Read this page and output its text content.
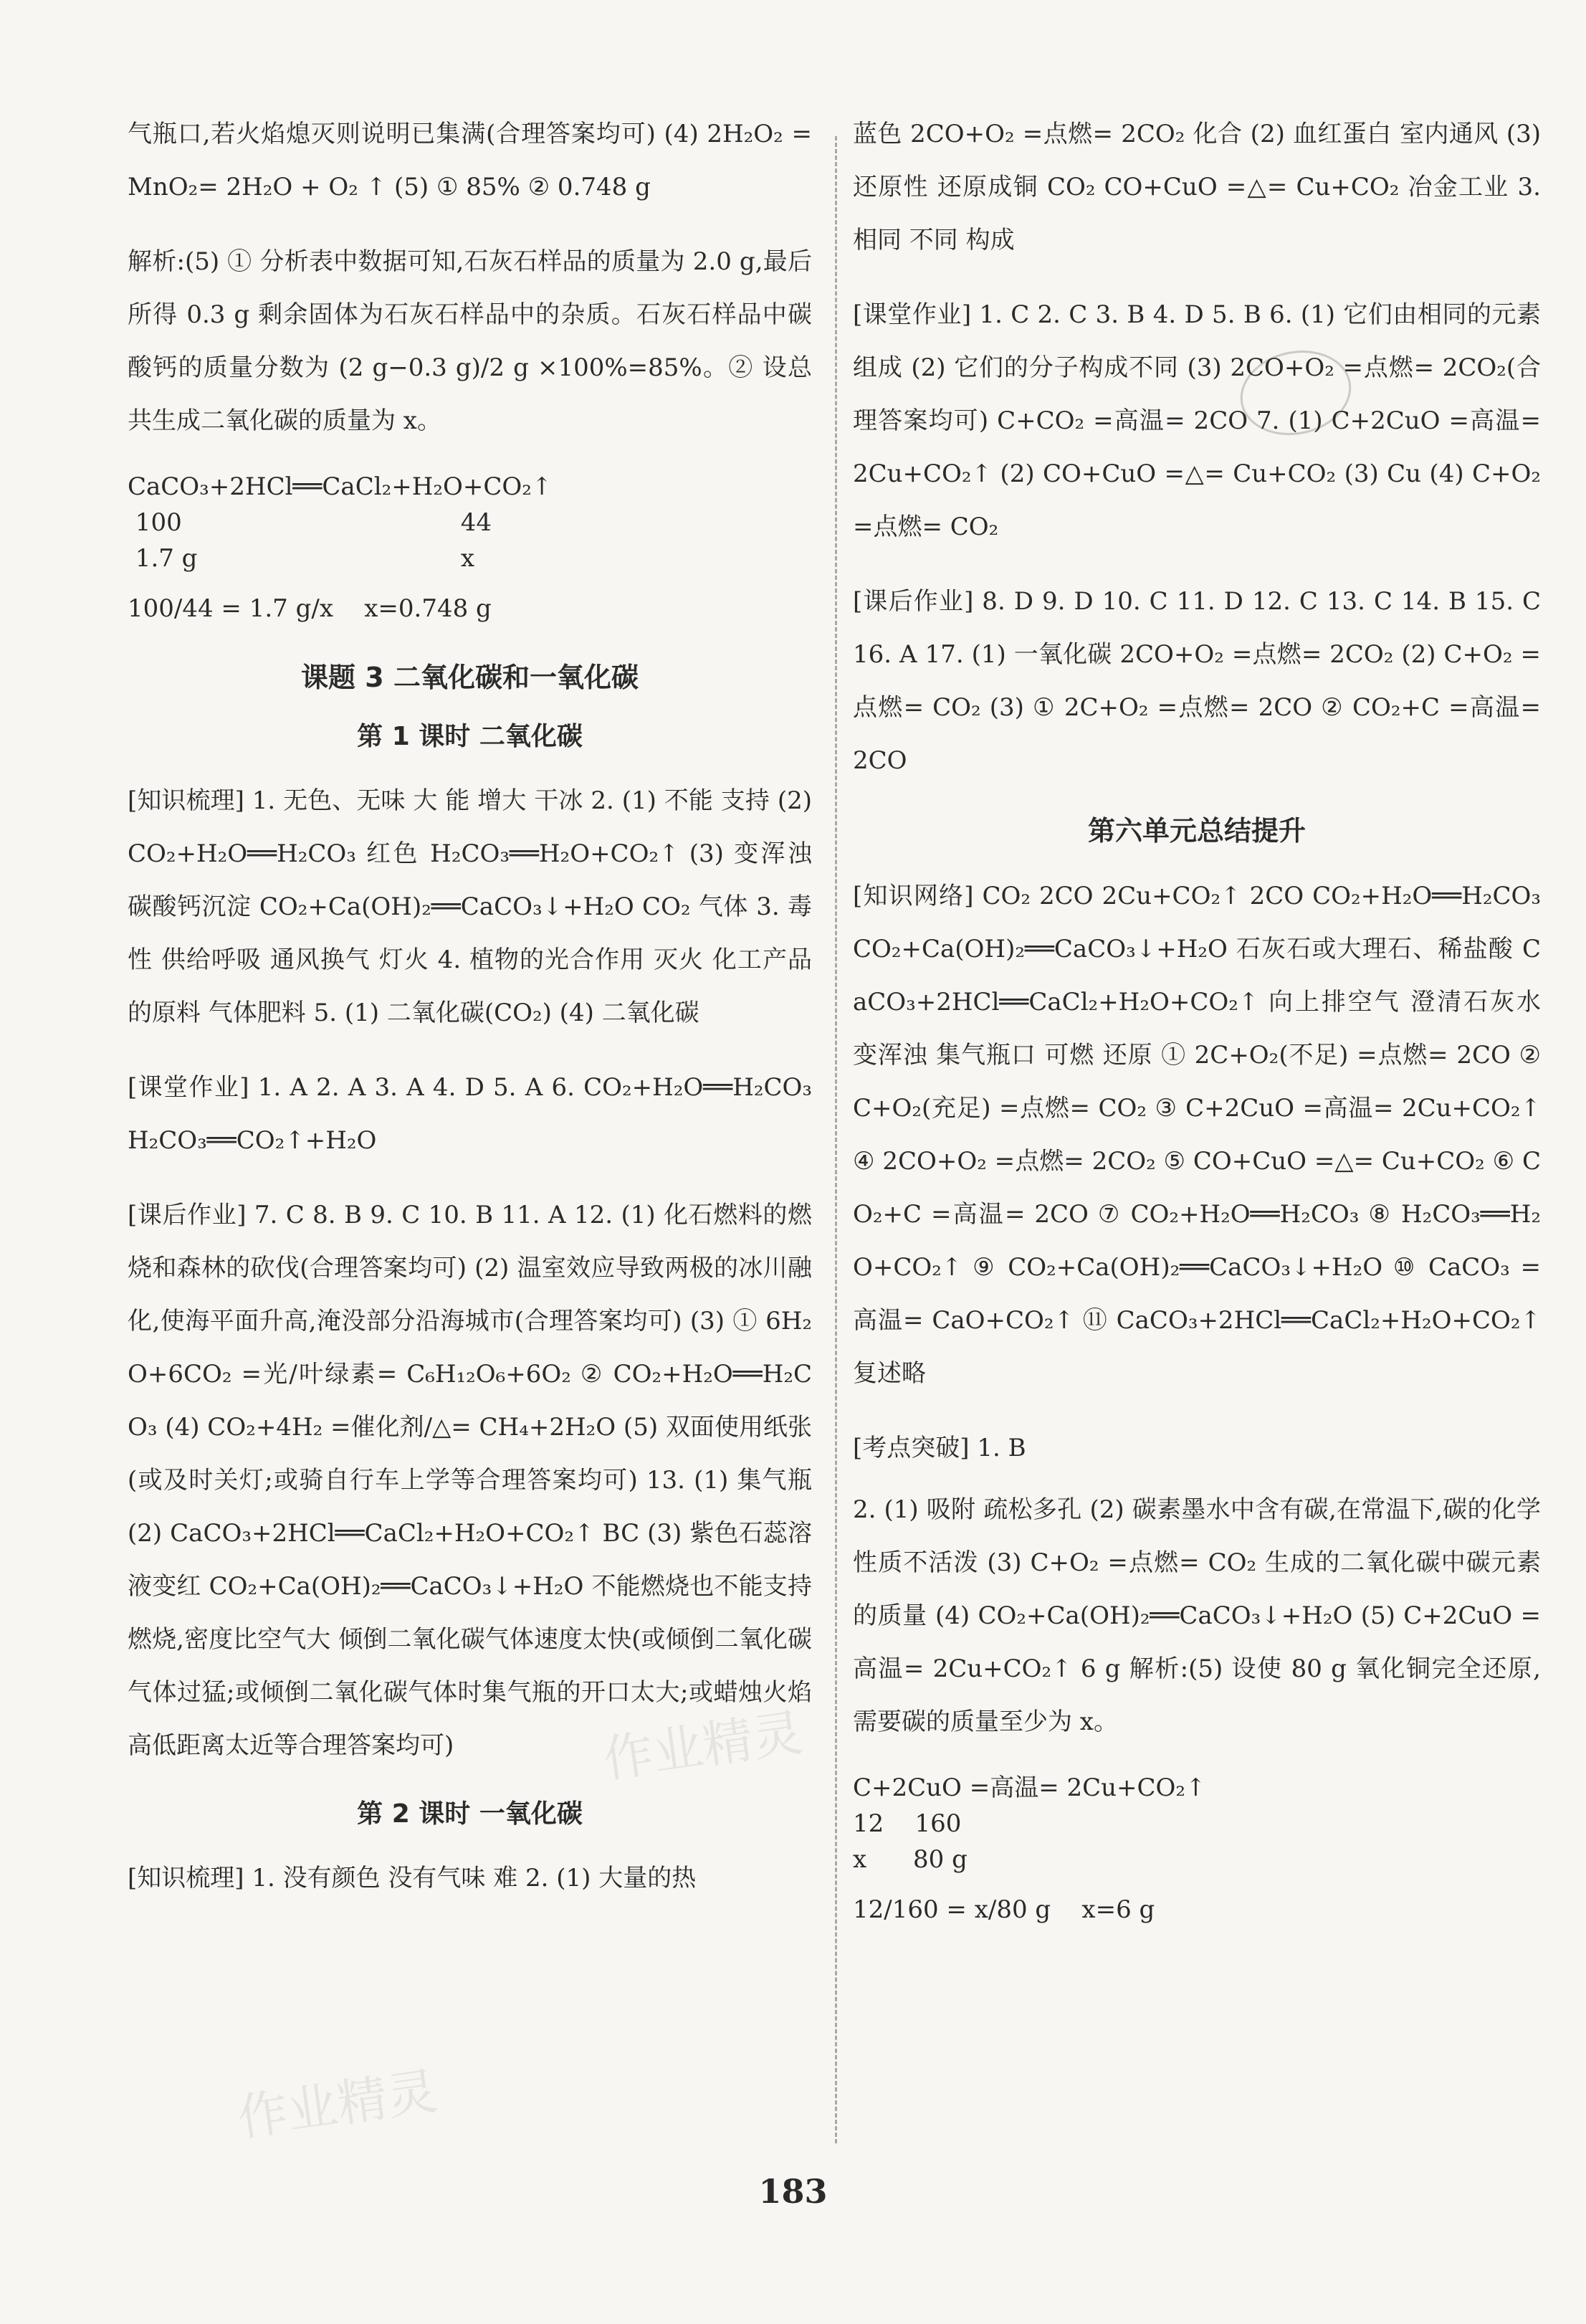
作业精灵
作业精灵

气瓶口,若火焰熄灭则说明已集满(合理答案均可) (4) 2H₂O₂ =MnO₂= 2H₂O + O₂ ↑ (5) ① 85% ② 0.748 g

解析:(5) ① 分析表中数据可知,石灰石样品的质量为 2.0 g,最后所得 0.3 g 剩余固体为石灰石样品中的杂质。石灰石样品中碳酸钙的质量分数为 (2 g−0.3 g)/2 g ×100%=85%。② 设总共生成二氧化碳的质量为 x。

CaCO₃+2HCl══CaCl₂+H₂O+CO₂↑
100                                    44
1.7 g                                  x

100/44 = 1.7 g/x    x=0.748 g

课题 3 二氧化碳和一氧化碳
第 1 课时 二氧化碳

[知识梳理] 1. 无色、无味 大 能 增大 干冰 2. (1) 不能 支持 (2) CO₂+H₂O══H₂CO₃ 红色 H₂CO₃══H₂O+CO₂↑ (3) 变浑浊 碳酸钙沉淀 CO₂+Ca(OH)₂══CaCO₃↓+H₂O CO₂ 气体 3. 毒性 供给呼吸 通风换气 灯火 4. 植物的光合作用 灭火 化工产品的原料 气体肥料 5. (1) 二氧化碳(CO₂) (4) 二氧化碳

[课堂作业] 1. A 2. A 3. A 4. D 5. A 6. CO₂+H₂O══H₂CO₃ H₂CO₃══CO₂↑+H₂O

[课后作业] 7. C 8. B 9. C 10. B 11. A 12. (1) 化石燃料的燃烧和森林的砍伐(合理答案均可) (2) 温室效应导致两极的冰川融化,使海平面升高,淹没部分沿海城市(合理答案均可) (3) ① 6H₂O+6CO₂ =光/叶绿素= C₆H₁₂O₆+6O₂ ② CO₂+H₂O══H₂CO₃ (4) CO₂+4H₂ =催化剂/△= CH₄+2H₂O (5) 双面使用纸张(或及时关灯;或骑自行车上学等合理答案均可) 13. (1) 集气瓶 (2) CaCO₃+2HCl══CaCl₂+H₂O+CO₂↑ BC (3) 紫色石蕊溶液变红 CO₂+Ca(OH)₂══CaCO₃↓+H₂O 不能燃烧也不能支持燃烧,密度比空气大 倾倒二氧化碳气体速度太快(或倾倒二氧化碳气体过猛;或倾倒二氧化碳气体时集气瓶的开口太大;或蜡烛火焰高低距离太近等合理答案均可)

第 2 课时 一氧化碳

[知识梳理] 1. 没有颜色 没有气味 难 2. (1) 大量的热

蓝色 2CO+O₂ =点燃= 2CO₂ 化合 (2) 血红蛋白 室内通风 (3) 还原性 还原成铜 CO₂ CO+CuO =△= Cu+CO₂ 冶金工业 3. 相同 不同 构成

[课堂作业] 1. C 2. C 3. B 4. D 5. B 6. (1) 它们由相同的元素组成 (2) 它们的分子构成不同 (3) 2CO+O₂ =点燃= 2CO₂(合理答案均可) C+CO₂ =高温= 2CO 7. (1) C+2CuO =高温= 2Cu+CO₂↑ (2) CO+CuO =△= Cu+CO₂ (3) Cu (4) C+O₂ =点燃= CO₂

[课后作业] 8. D 9. D 10. C 11. D 12. C 13. C 14. B 15. C 16. A 17. (1) 一氧化碳 2CO+O₂ =点燃= 2CO₂ (2) C+O₂ =点燃= CO₂ (3) ① 2C+O₂ =点燃= 2CO ② CO₂+C =高温= 2CO

第六单元总结提升

[知识网络] CO₂ 2CO 2Cu+CO₂↑ 2CO CO₂+H₂O══H₂CO₃ CO₂+Ca(OH)₂══CaCO₃↓+H₂O 石灰石或大理石、稀盐酸 CaCO₃+2HCl══CaCl₂+H₂O+CO₂↑ 向上排空气 澄清石灰水变浑浊 集气瓶口 可燃 还原 ① 2C+O₂(不足) =点燃= 2CO ② C+O₂(充足) =点燃= CO₂ ③ C+2CuO =高温= 2Cu+CO₂↑ ④ 2CO+O₂ =点燃= 2CO₂ ⑤ CO+CuO =△= Cu+CO₂ ⑥ CO₂+C =高温= 2CO ⑦ CO₂+H₂O══H₂CO₃ ⑧ H₂CO₃══H₂O+CO₂↑ ⑨ CO₂+Ca(OH)₂══CaCO₃↓+H₂O ⑩ CaCO₃ =高温= CaO+CO₂↑ ⑪ CaCO₃+2HCl══CaCl₂+H₂O+CO₂↑ 复述略

[考点突破] 1. B

2. (1) 吸附 疏松多孔 (2) 碳素墨水中含有碳,在常温下,碳的化学性质不活泼 (3) C+O₂ =点燃= CO₂ 生成的二氧化碳中碳元素的质量 (4) CO₂+Ca(OH)₂══CaCO₃↓+H₂O (5) C+2CuO =高温= 2Cu+CO₂↑ 6 g 解析:(5) 设使 80 g 氧化铜完全还原,需要碳的质量至少为 x。

C+2CuO =高温= 2Cu+CO₂↑
12    160
x      80 g

12/160 = x/80 g    x=6 g

183
